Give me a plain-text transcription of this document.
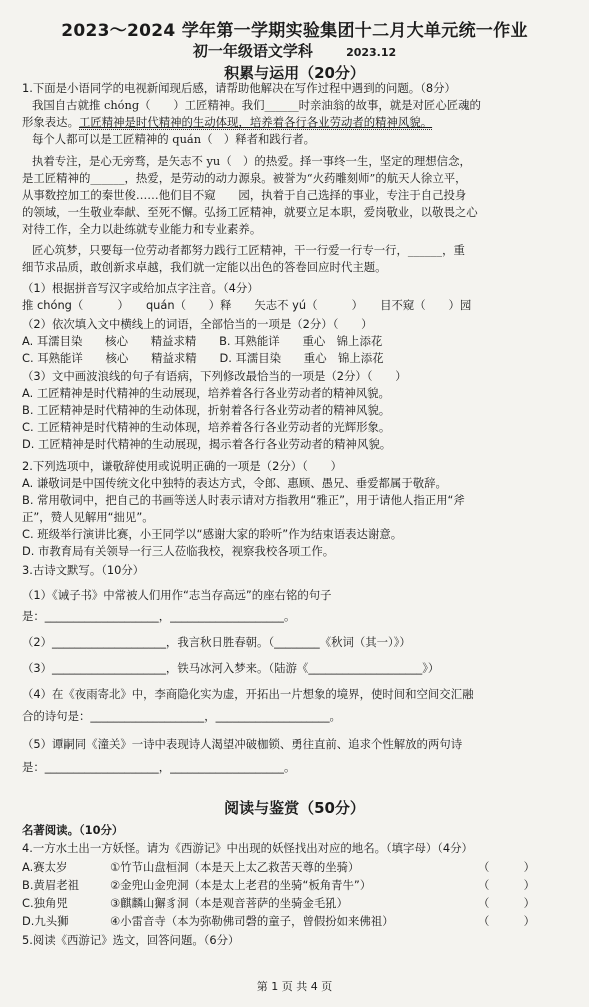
2023～2024 学年第一学期实验集团十二月大单元统一作业
初一年级语文学科	2023.12
积累与运用（20分）
1.下面是小语同学的电视新闻现后感，请帮助他解决在写作过程中遇到的问题。（8分）
我国自古就推 chóng（　　）工匠精神。我们______时亲油翁的故事，就是对匠心匠魂的
形象表达。工匠精神是时代精神的生动体现，培养着各行各业劳动者的精神风貌。
每个人都可以是工匠精神的 quán（　）释者和践行者。
执着专注，是心无旁骛，是矢志不 yu（　）的热爱。择一事终一生，坚定的理想信念，
是工匠精神的______，热爱，是劳动的动力源泉。被誉为“火药雕刻师”的航天人徐立平，
从事数控加工的秦世俊……他们目不窥　　园，执着于自己选择的事业，专注于自己投身
的领域，一生敬业奉献、至死不懈。弘扬工匠精神，就要立足本职，爱岗敬业，以敬畏之心
对待工作，全力以赴练就专业能力和专业素养。
匠心筑梦，只要每一位劳动者都努力践行工匠精神，干一行爱一行专一行，______，重
细节求品质，敢创新求卓越，我们就一定能以出色的答卷回应时代主题。
（1）根据拼音写汉字或给加点字注音。（4分）
推 chóng（　　　）　　quán（　　）释　　矢志不 yú（　　　）　　目不窥（　　）园
（2）依次填入文中横线上的词语，全部恰当的一项是（2分）（　　）
A. 耳濡目染　　核心　　精益求精　　B. 耳熟能详　　重心　锦上添花
C. 耳熟能详　　核心　　精益求精　　D. 耳濡目染　　重心　锦上添花
（3）文中画波浪线的句子有语病，下列修改最恰当的一项是（2分）（　　）
A. 工匠精神是时代精神的生动展现，培养着各行各业劳动者的精神风貌。
B. 工匠精神是时代精神的生动体现，折射着各行各业劳动者的精神风貌。
C. 工匠精神是时代精神的生动体现，培养着各行各业劳动者的光辉形象。
D. 工匠精神是时代精神的生动展现，揭示着各行各业劳动者的精神风貌。
2.下列选项中，谦敬辞使用或说明正确的一项是（2分）（　　）
A. 谦敬词是中国传统文化中独特的表达方式，令郎、惠顾、愚兄、垂爱都属于敬辞。
B. 常用敬词中，把自己的书画等送人时表示请对方指教用“雅正”，用于请他人指正用“斧
正”，赞人见解用“拙见”。
C. 班级举行演讲比赛，小王同学以“感谢大家的聆听”作为结束语表达谢意。
D. 市教育局有关领导一行三人莅临我校，视察我校各项工作。
3.古诗文默写。（10分）
（1）《诫子书》中常被人们用作“志当存高远”的座右铭的句子
是：____________________，____________________。
（2）____________________，我言秋日胜春朝。（________《秋词（其一）》）
（3）____________________，铁马冰河入梦来。（陆游《____________________》）
（4）在《夜雨寄北》中，李商隐化实为虚，开拓出一片想象的境界，使时间和空间交汇融
合的诗句是：____________________，____________________。
（5）谭嗣同《潼关》一诗中表现诗人渴望冲破枷锁、勇往直前、追求个性解放的两句诗
是：____________________，____________________。
阅读与鉴赏（50分）
名著阅读。（10分）
4.一方水土出一方妖怪。请为《西游记》中出现的妖怪找出对应的地名。（填字母）（4分）
A.赛太岁	①竹节山盘桓洞（本是天上太乙救苦天尊的坐骑）	（　　　）
B.黄眉老祖	②金兜山金兜洞（本是太上老君的坐骑“板角青牛”）	（　　　）
C.独角兕	③麒麟山獬豸洞（本是观音菩萨的坐骑金毛犼）	（　　　）
D.九头狮	④小雷音寺（本为弥勒佛司磬的童子，曾假扮如来佛祖）	（　　　）
5.阅读《西游记》选文，回答问题。（6分）
第 1 页 共 4 页
